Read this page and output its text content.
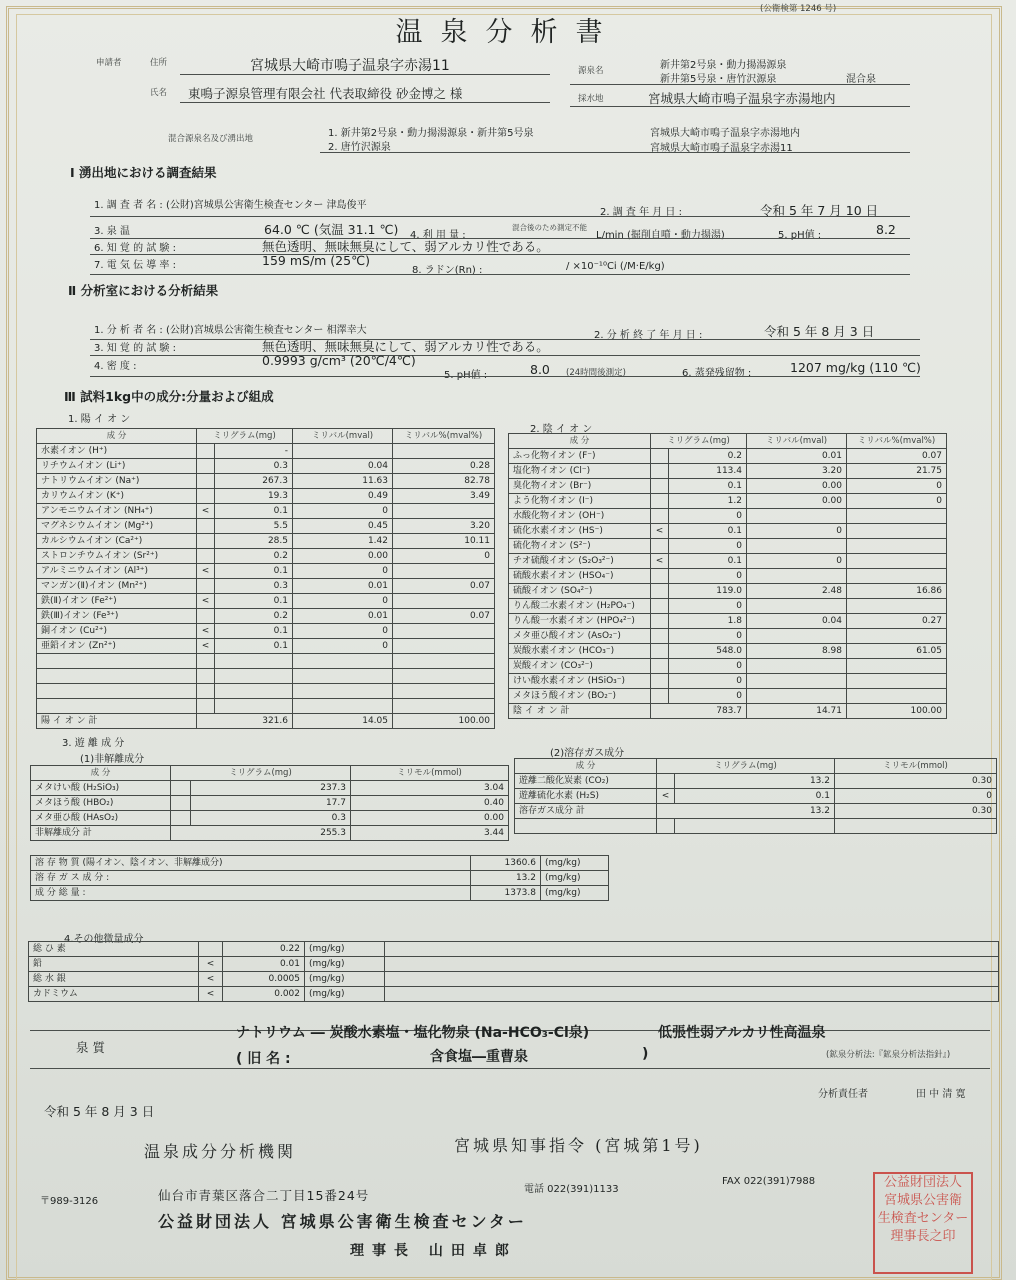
(公衛検第 1246 号)
温泉分析書
申請者	住所	宮城県大崎市鳴子温泉字赤湯11
氏名 東鳴子源泉管理有限会社 代表取締役 砂金博之 様
源泉名	新井第2号泉・動力揚湯源泉
新井第5号泉・唐竹沢源泉	混合泉
採水地	宮城県大崎市鳴子温泉字赤湯地内
混合源泉名及び湧出地	1. 新井第2号泉・動力揚湯源泉・新井第5号泉
2. 唐竹沢源泉
宮城県大崎市鳴子温泉字赤湯地内
宮城県大崎市鳴子温泉字赤湯11
Ⅰ 湧出地における調査結果
1. 調 査 者 名 : (公財)宮城県公害衛生検査センター 津島俊平
2. 調 査 年 月 日 :	令和 5 年 7 月 10 日
3. 泉 温	64.0 ℃ (気温 31.1 ℃) 4. 利 用 量 :
混合後のため測定不能
L/min (掘削自噴・動力揚湯)	5. pH値 :	8.2
6. 知 覚 的 試 験 :	無色透明、無味無臭にして、弱アルカリ性である。
7. 電 気 伝 導 率 :	159 mS/m (25℃)
8. ラドン(Rn) :	/ ×10⁻¹⁰Ci (/M·E/kg)
Ⅱ 分析室における分析結果
1. 分 析 者 名 : (公財)宮城県公害衛生検査センター 相澤幸大	2. 分 析 終 了 年 月 日 :	令和 5 年 8 月 3 日
3. 知 覚 的 試 験 :	無色透明、無味無臭にして、弱アルカリ性である。
4. 密 度 :	0.9993 g/cm³ (20℃/4℃)
5. pH値 :	8.0 (24時間後測定)	6. 蒸発残留物 :	1207 mg/kg (110 ℃)
Ⅲ 試料1kg中の成分:分量および組成
1. 陽 イ オ ン
2. 陰 イ オ ン
成 分	ミリグラム(mg)		ミリバル(mval)	ミリバル%(mval%)
水素イオン (H⁺)		-		
リチウムイオン (Li⁺)		0.3	0.04	0.28
ナトリウムイオン (Na⁺)		267.3	11.63	82.78
カリウムイオン (K⁺)		19.3	0.49	3.49
アンモニウムイオン (NH₄⁺)	<	0.1	0	
マグネシウムイオン (Mg²⁺)		5.5	0.45	3.20
カルシウムイオン (Ca²⁺)		28.5	1.42	10.11
ストロンチウムイオン (Sr²⁺)		0.2	0.00	0
アルミニウムイオン (Al³⁺)	<	0.1	0	
マンガン(Ⅱ)イオン (Mn²⁺)		0.3	0.01	0.07
鉄(Ⅱ)イオン (Fe²⁺)	<	0.1	0	
鉄(Ⅲ)イオン (Fe³⁺)		0.2	0.01	0.07
銅イオン (Cu²⁺)	<	0.1	0	
亜鉛イオン (Zn²⁺)	<	0.1	0	

陽 イ オ ン 計	321.6		14.05	100.00
成 分	ミリグラム(mg)		ミリバル(mval)	ミリバル%(mval%)
ふっ化物イオン (F⁻)		0.2	0.01	0.07
塩化物イオン (Cl⁻)		113.4	3.20	21.75
臭化物イオン (Br⁻)		0.1	0.00	0
よう化物イオン (I⁻)		1.2	0.00	0
水酸化物イオン (OH⁻)		0		
硫化水素イオン (HS⁻)	<	0.1	0	
硫化物イオン (S²⁻)		0		
チオ硫酸イオン (S₂O₃²⁻)	<	0.1	0	
硫酸水素イオン (HSO₄⁻)		0		
硫酸イオン (SO₄²⁻)		119.0	2.48	16.86
りん酸二水素イオン (H₂PO₄⁻)		0		
りん酸一水素イオン (HPO₄²⁻)		1.8	0.04	0.27
メタ亜ひ酸イオン (AsO₂⁻)		0		
炭酸水素イオン (HCO₃⁻)		548.0	8.98	61.05
炭酸イオン (CO₃²⁻)		0		
けい酸水素イオン (HSiO₃⁻)		0		
メタほう酸イオン (BO₂⁻)		0		
陰 イ オ ン 計	783.7		14.71	100.00
3. 遊 離 成 分
(1)非解離成分
(2)溶存ガス成分
成 分	ミリグラム(mg)		ミリモル(mmol)
メタけい酸 (H₂SiO₃)		237.3	3.04
メタほう酸 (HBO₂)		17.7	0.40
メタ亜ひ酸 (HAsO₂)		0.3	0.00
非解離成分 計	255.3		3.44
成 分	ミリグラム(mg)		ミリモル(mmol)
遊離二酸化炭素 (CO₂)		13.2	0.30
遊離硫化水素 (H₂S)	<	0.1	0
溶存ガス成分 計	13.2		0.30

溶 存 物 質 (陽イオン、陰イオン、非解離成分)	1360.6	(mg/kg)
溶 存 ガ ス 成 分 :	13.2	(mg/kg)
成 分 総 量 :	1373.8	(mg/kg)
4.その他微量成分
総 ひ 素		0.22	(mg/kg)	
鉛	<	0.01	(mg/kg)	
総 水 銀	<	0.0005	(mg/kg)	
カドミウム	<	0.002	(mg/kg)	
泉 質
ナトリウム ― 炭酸水素塩・塩化物泉 (Na-HCO₃-Cl泉)	低張性弱アルカリ性高温泉
( 旧 名 :	含食塩―重曹泉	)	(鉱泉分析法:『鉱泉分析法指針』)
分析責任者	田 中 清 寛
令和 5 年 8 月 3 日
温泉成分分析機関	宮城県知事指令 (宮城第1号)
〒989-3126	仙台市青葉区落合二丁目15番24号	電話 022(391)1133
FAX 022(391)7988
公益財団法人 宮城県公害衛生検査センター
理事長 山田卓郎
公益財団法人
宮城県公害衛
生検査センター
理事長之印
